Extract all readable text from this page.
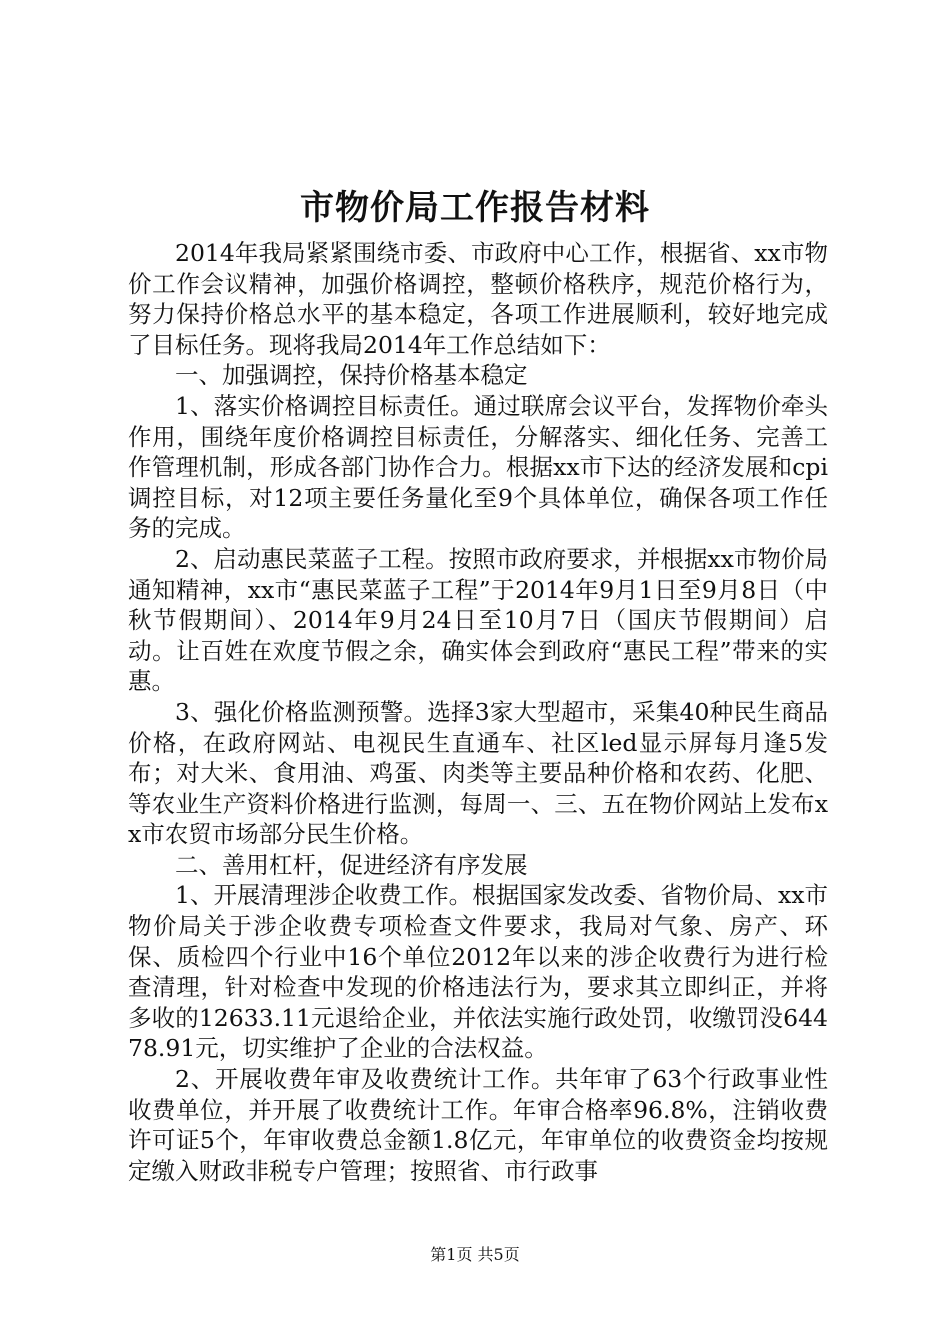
市物价局工作报告材料

2014年我局紧紧围绕市委、市政府中心工作，根据省、xx市物价工作会议精神，加强价格调控，整顿价格秩序，规范价格行为，努力保持价格总水平的基本稳定，各项工作进展顺利，较好地完成了目标任务。现将我局2014年工作总结如下：

一、加强调控，保持价格基本稳定

1、落实价格调控目标责任。通过联席会议平台，发挥物价牵头作用，围绕年度价格调控目标责任，分解落实、细化任务、完善工作管理机制，形成各部门协作合力。根据xx市下达的经济发展和cpi调控目标，对12项主要任务量化至9个具体单位，确保各项工作任务的完成。

2、启动惠民菜蓝子工程。按照市政府要求，并根据xx市物价局通知精神，xx市“惠民菜蓝子工程”于2014年9月1日至9月8日（中秋节假期间）、2014年9月24日至10月7日（国庆节假期间）启动。让百姓在欢度节假之余，确实体会到政府“惠民工程”带来的实惠。

3、强化价格监测预警。选择3家大型超市，采集40种民生商品价格，在政府网站、电视民生直通车、社区led显示屏每月逢5发布；对大米、食用油、鸡蛋、肉类等主要品种价格和农药、化肥、等农业生产资料价格进行监测，每周一、三、五在物价网站上发布xx市农贸市场部分民生价格。

二、善用杠杆，促进经济有序发展

1、开展清理涉企收费工作。根据国家发改委、省物价局、xx市物价局关于涉企收费专项检查文件要求，我局对气象、房产、环保、质检四个行业中16个单位2012年以来的涉企收费行为进行检查清理，针对检查中发现的价格违法行为，要求其立即纠正，并将多收的12633.11元退给企业，并依法实施行政处罚，收缴罚没64478.91元，切实维护了企业的合法权益。

2、开展收费年审及收费统计工作。共年审了63个行政事业性收费单位，并开展了收费统计工作。年审合格率96.8%，注销收费许可证5个，年审收费总金额1.8亿元，年审单位的收费资金均按规定缴入财政非税专户管理；按照省、市行政事

第1页 共5页
